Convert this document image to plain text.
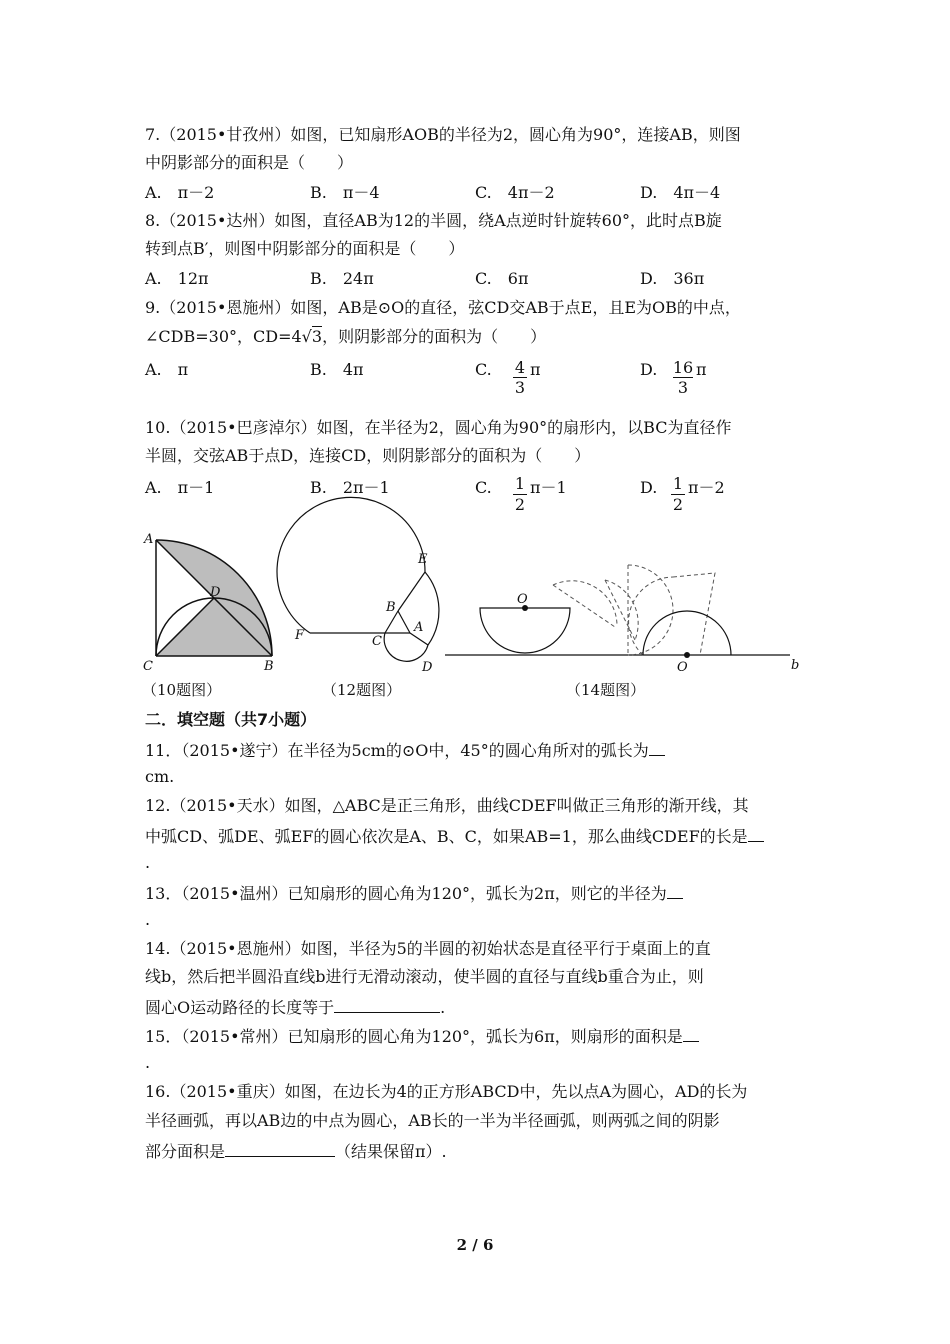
7.（2015•甘孜州）如图，已知扇形AOB的半径为2，圆心角为90°，连接AB，则图
中阴影部分的面积是（　　）
A.　π－2	B.　π－4	C.　4π－2	D.　4π－4
8.（2015•达州）如图，直径AB为12的半圆，绕A点逆时针旋转60°，此时点B旋
转到点B′，则图中阴影部分的面积是（　　）
A.　12π	B.　24π	C.　6π	D.　36π
9.（2015•恩施州）如图，AB是⊙O的直径，弦CD交AB于点E，且E为OB的中点，
∠CDB=30°，CD=4√3，则阴影部分的面积为（　　）
A.　π	B.　4π	C. 4
3
π	D. 16
3
π
10.（2015•巴彦淖尔）如图，在半径为2，圆心角为90°的扇形内，以BC为直径作
半圆，交弦AB于点D，连接CD，则阴影部分的面积为（　　）
A.　π－1	B.　2π－1	C. 1
2
π－1	D. 1
2
π－2
A
D
C	B
E
B
A
F	C
D
O
O	b
（10题图）	（12题图）	（14题图）
二．填空题（共7小题）
11．（2015•遂宁）在半径为5cm的⊙O中，45°的圆心角所对的弧长为
cm.
12.（2015•天水）如图，△ABC是正三角形，曲线CDEF叫做正三角形的渐开线，其
中弧CD、弧DE、弧EF的圆心依次是A、B、C，如果AB=1，那么曲线CDEF的长是
.
13．（2015•温州）已知扇形的圆心角为120°，弧长为2π，则它的半径为
.
14.（2015•恩施州）如图，半径为5的半圆的初始状态是直径平行于桌面上的直
线b，然后把半圆沿直线b进行无滑动滚动，使半圆的直径与直线b重合为止，则
圆心O运动路径的长度等于	.
15．（2015•常州）已知扇形的圆心角为120°，弧长为6π，则扇形的面积是
.
16.（2015•重庆）如图，在边长为4的正方形ABCD中，先以点A为圆心，AD的长为
半径画弧，再以AB边的中点为圆心，AB长的一半为半径画弧，则两弧之间的阴影
部分面积是	（结果保留π）.
2 / 6
